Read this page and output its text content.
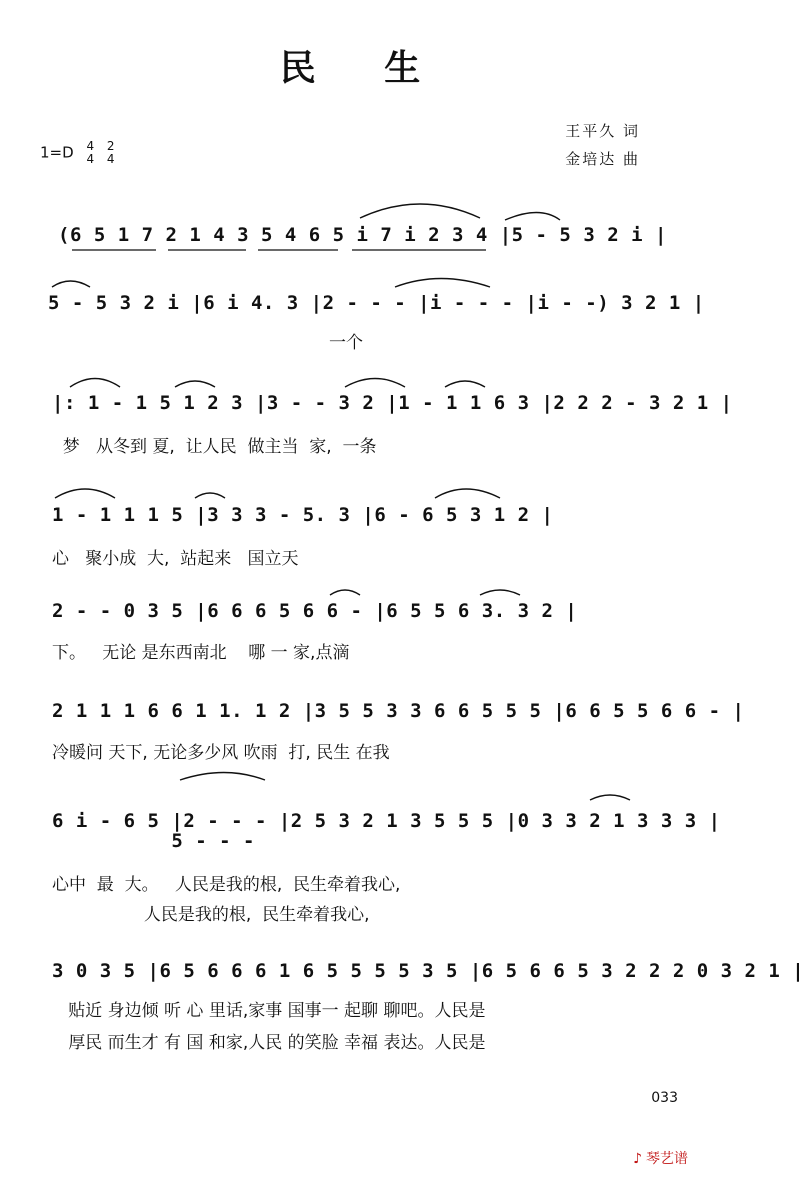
民 生
1=D 4
4 2
4
王平久 词
金培达 曲
(6 5 1 7 2 1 4 3 5 4 6 5 i 7 i 2 3 4 |5 - 5 3 2 i |
5 - 5 3 2 i |6 i 4. 3 |2 - - - |i - - - |i - -) 3 2 1 |
一个
|: 1 - 1 5 1 2 3 |3 - - 3 2 |1 - 1 1 6 3 |2 2 2 - 3 2 1 |
梦   从冬到 夏,  让人民  做主当  家,  一条
1 - 1 1 1 5 |3 3 3 - 5. 3 |6 - 6 5 3 1 2 |
心   聚小成  大,  站起来   国立天
2 - - 0 3 5 |6 6 6 5 6 6 - |6 5 5 6 3. 3 2 |
下。   无论 是东西南北    哪 一 家,点滴
2 1 1 1 6 6 1 1. 1 2 |3 5 5 3 3 6 6 5 5 5 |6 6 5 5 6 6 - |
冷暖问 天下, 无论多少风 吹雨  打, 民生 在我
6 i - 6 5 |2 - - - |2 5 3 2 1 3 5 5 5 |0 3 3 2 1 3 3 3 |
5 - - -
心中  最  大。   人民是我的根,  民生牵着我心,
人民是我的根,  民生牵着我心,
3 0 3 5 |6 5 6 6 6 1 6 5 5 5 5 3 5 |6 5 6 6 5 3 2 2 2 0 3 2 1 |
贴近 身边倾 听 心 里话,家事 国事一 起聊 聊吧。人民是
厚民 而生才 有 国 和家,人民 的笑脸 幸福 表达。人民是
033
♪ 琴艺谱
